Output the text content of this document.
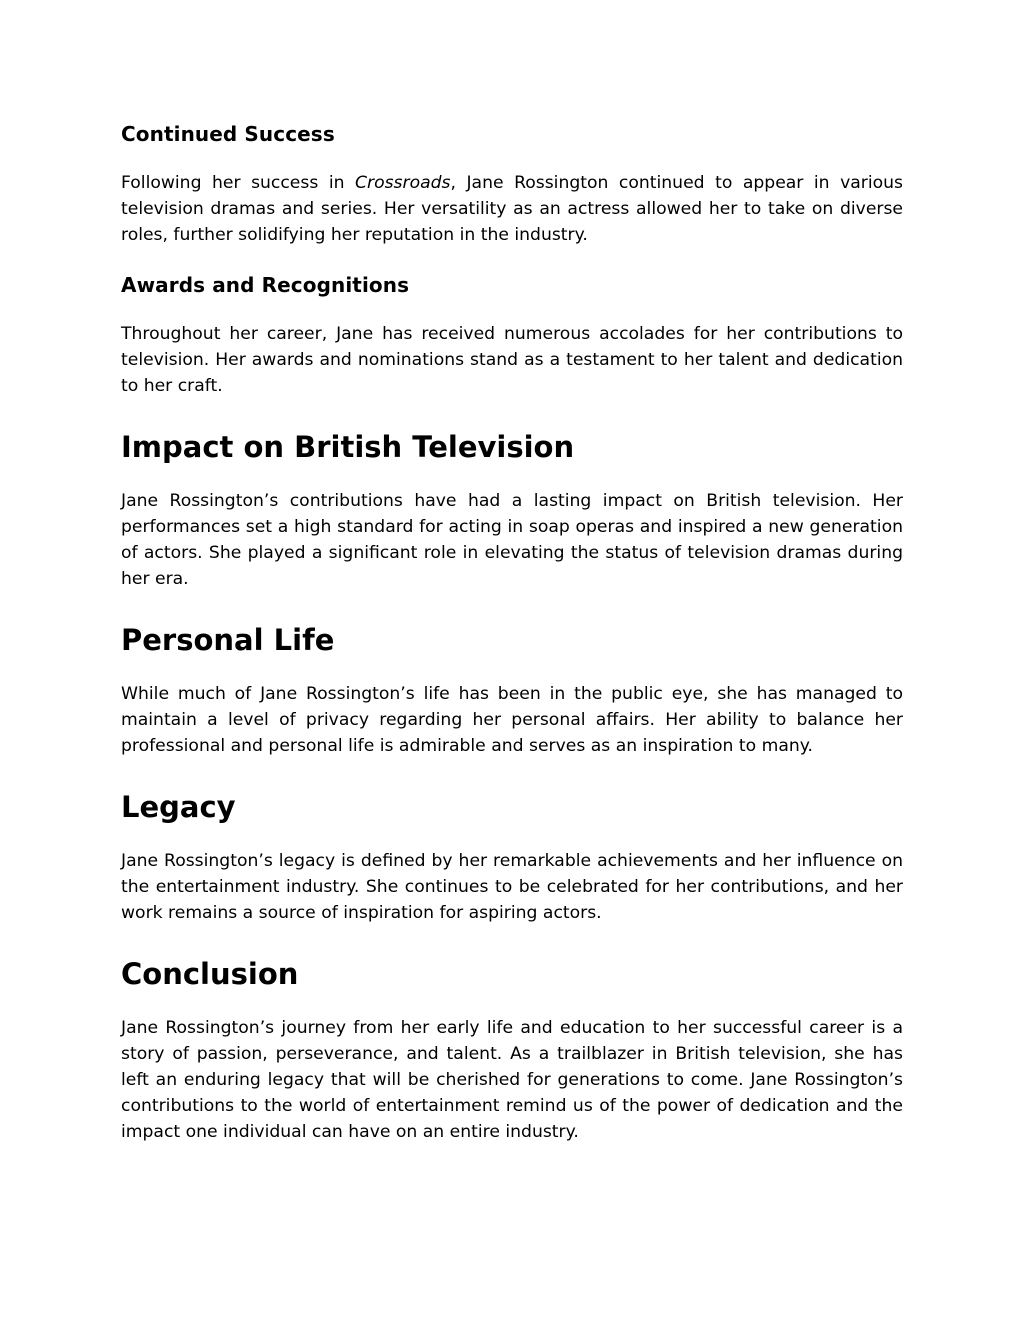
Continued Success

Following her success in Crossroads, Jane Rossington continued to appear in various television dramas and series. Her versatility as an actress allowed her to take on diverse roles, further solidifying her reputation in the industry.

Awards and Recognitions

Throughout her career, Jane has received numerous accolades for her contributions to television. Her awards and nominations stand as a testament to her talent and dedication to her craft.

Impact on British Television

Jane Rossington’s contributions have had a lasting impact on British television. Her performances set a high standard for acting in soap operas and inspired a new generation of actors. She played a significant role in elevating the status of television dramas during her era.

Personal Life

While much of Jane Rossington’s life has been in the public eye, she has managed to maintain a level of privacy regarding her personal affairs. Her ability to balance her professional and personal life is admirable and serves as an inspiration to many.

Legacy

Jane Rossington’s legacy is defined by her remarkable achievements and her influence on the entertainment industry. She continues to be celebrated for her contributions, and her work remains a source of inspiration for aspiring actors.

Conclusion

Jane Rossington’s journey from her early life and education to her successful career is a story of passion, perseverance, and talent. As a trailblazer in British television, she has left an enduring legacy that will be cherished for generations to come. Jane Rossington’s contributions to the world of entertainment remind us of the power of dedication and the impact one individual can have on an entire industry.
